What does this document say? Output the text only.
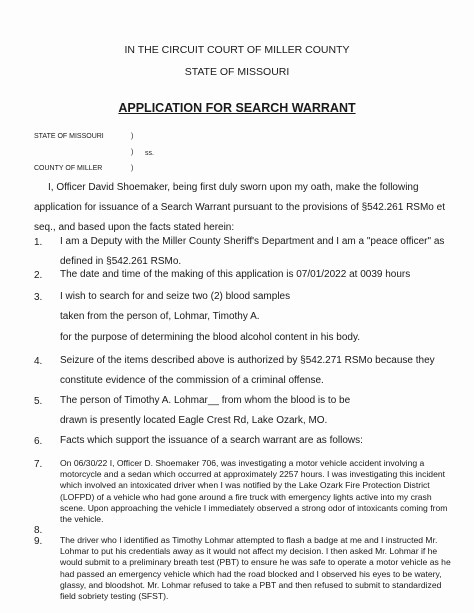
IN THE CIRCUIT COURT OF MILLER COUNTY
STATE OF MISSOURI
APPLICATION FOR SEARCH WARRANT
STATE OF MISSOURI	)
) ss.
COUNTY OF MILLER	)
I, Officer David Shoemaker, being first duly sworn upon my oath, make the following application for issuance of a Search Warrant pursuant to the provisions of §542.261 RSMo et seq., and based upon the facts stated herein:
1. I am a Deputy with the Miller County Sheriff's Department and I am a "peace officer" as defined in §542.261 RSMo.
2. The date and time of the making of this application is 07/01/2022 at 0039 hours
3. I wish to search for and seize two (2) blood samples taken from the person of, Lohmar, Timothy A.
for the purpose of determining the blood alcohol content in his body.
4. Seizure of the items described above is authorized by §542.271 RSMo because they constitute evidence of the commission of a criminal offense.
5. The person of Timothy A. Lohmar__ from whom the blood is to be drawn is presently located Eagle Crest Rd, Lake Ozark, MO.
6. Facts which support the issuance of a search warrant are as follows:
7. On 06/30/22 I, Officer D. Shoemaker 706, was investigating a motor vehicle accident involving a motorcycle and a sedan which occurred at approximately 2257 hours. I was investigating this incident which involved an intoxicated driver when I was notified by the Lake Ozark Fire Protection District (LOFPD) of a vehicle who had gone around a fire truck with emergency lights active into my crash scene. Upon approaching the vehicle I immediately observed a strong odor of intoxicants coming from the vehicle.
8.
9. The driver who I identified as Timothy Lohmar attempted to flash a badge at me and I instructed Mr. Lohmar to put his credentials away as it would not affect my decision. I then asked Mr. Lohmar if he would submit to a preliminary breath test (PBT) to ensure he was safe to operate a motor vehicle as he had passed an emergency vehicle which had the road blocked and I observed his eyes to be watery, glassy, and bloodshot. Mr. Lohmar refused to take a PBT and then refused to submit to standardized field sobriety testing (SFST).
